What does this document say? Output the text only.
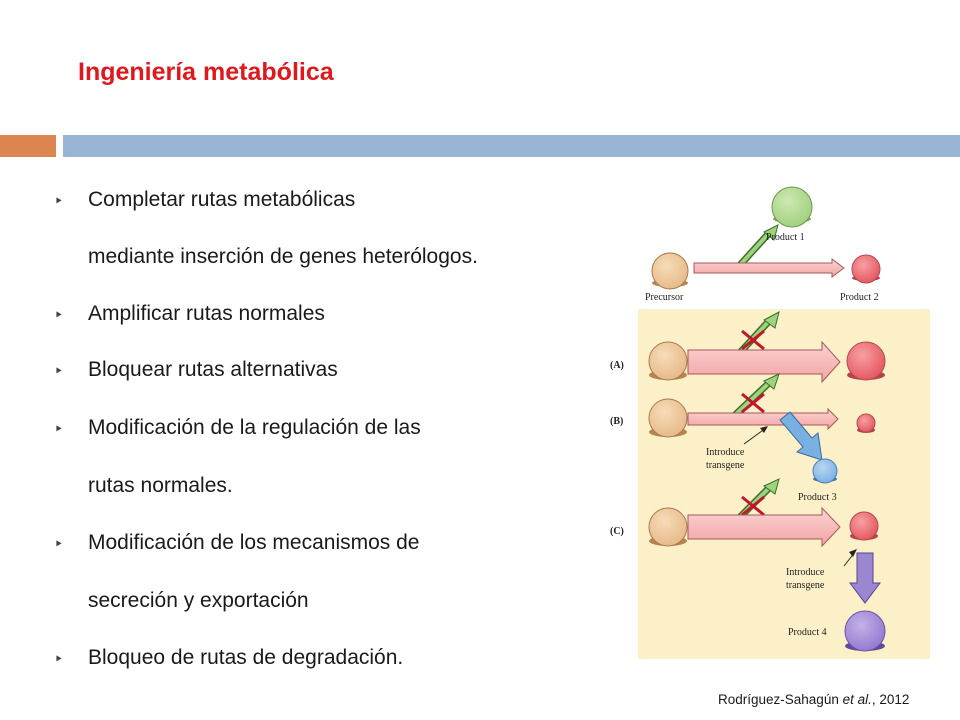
Ingeniería metabólica
⯈ Completar rutas metabólicas
mediante inserción de genes heterólogos.
⯈ Amplificar rutas normales
⯈ Bloquear rutas alternativas
⯈ Modificación de la regulación de las
rutas normales.
⯈ Modificación de los mecanismos de
secreción y exportación
⯈ Bloqueo de rutas de degradación.
Product 1
Precursor	Product 2
(A)
(B)
Introduce
transgene
Product 3
(C)
Introduce
transgene
Product 4
Rodríguez-Sahagún et al., 2012
